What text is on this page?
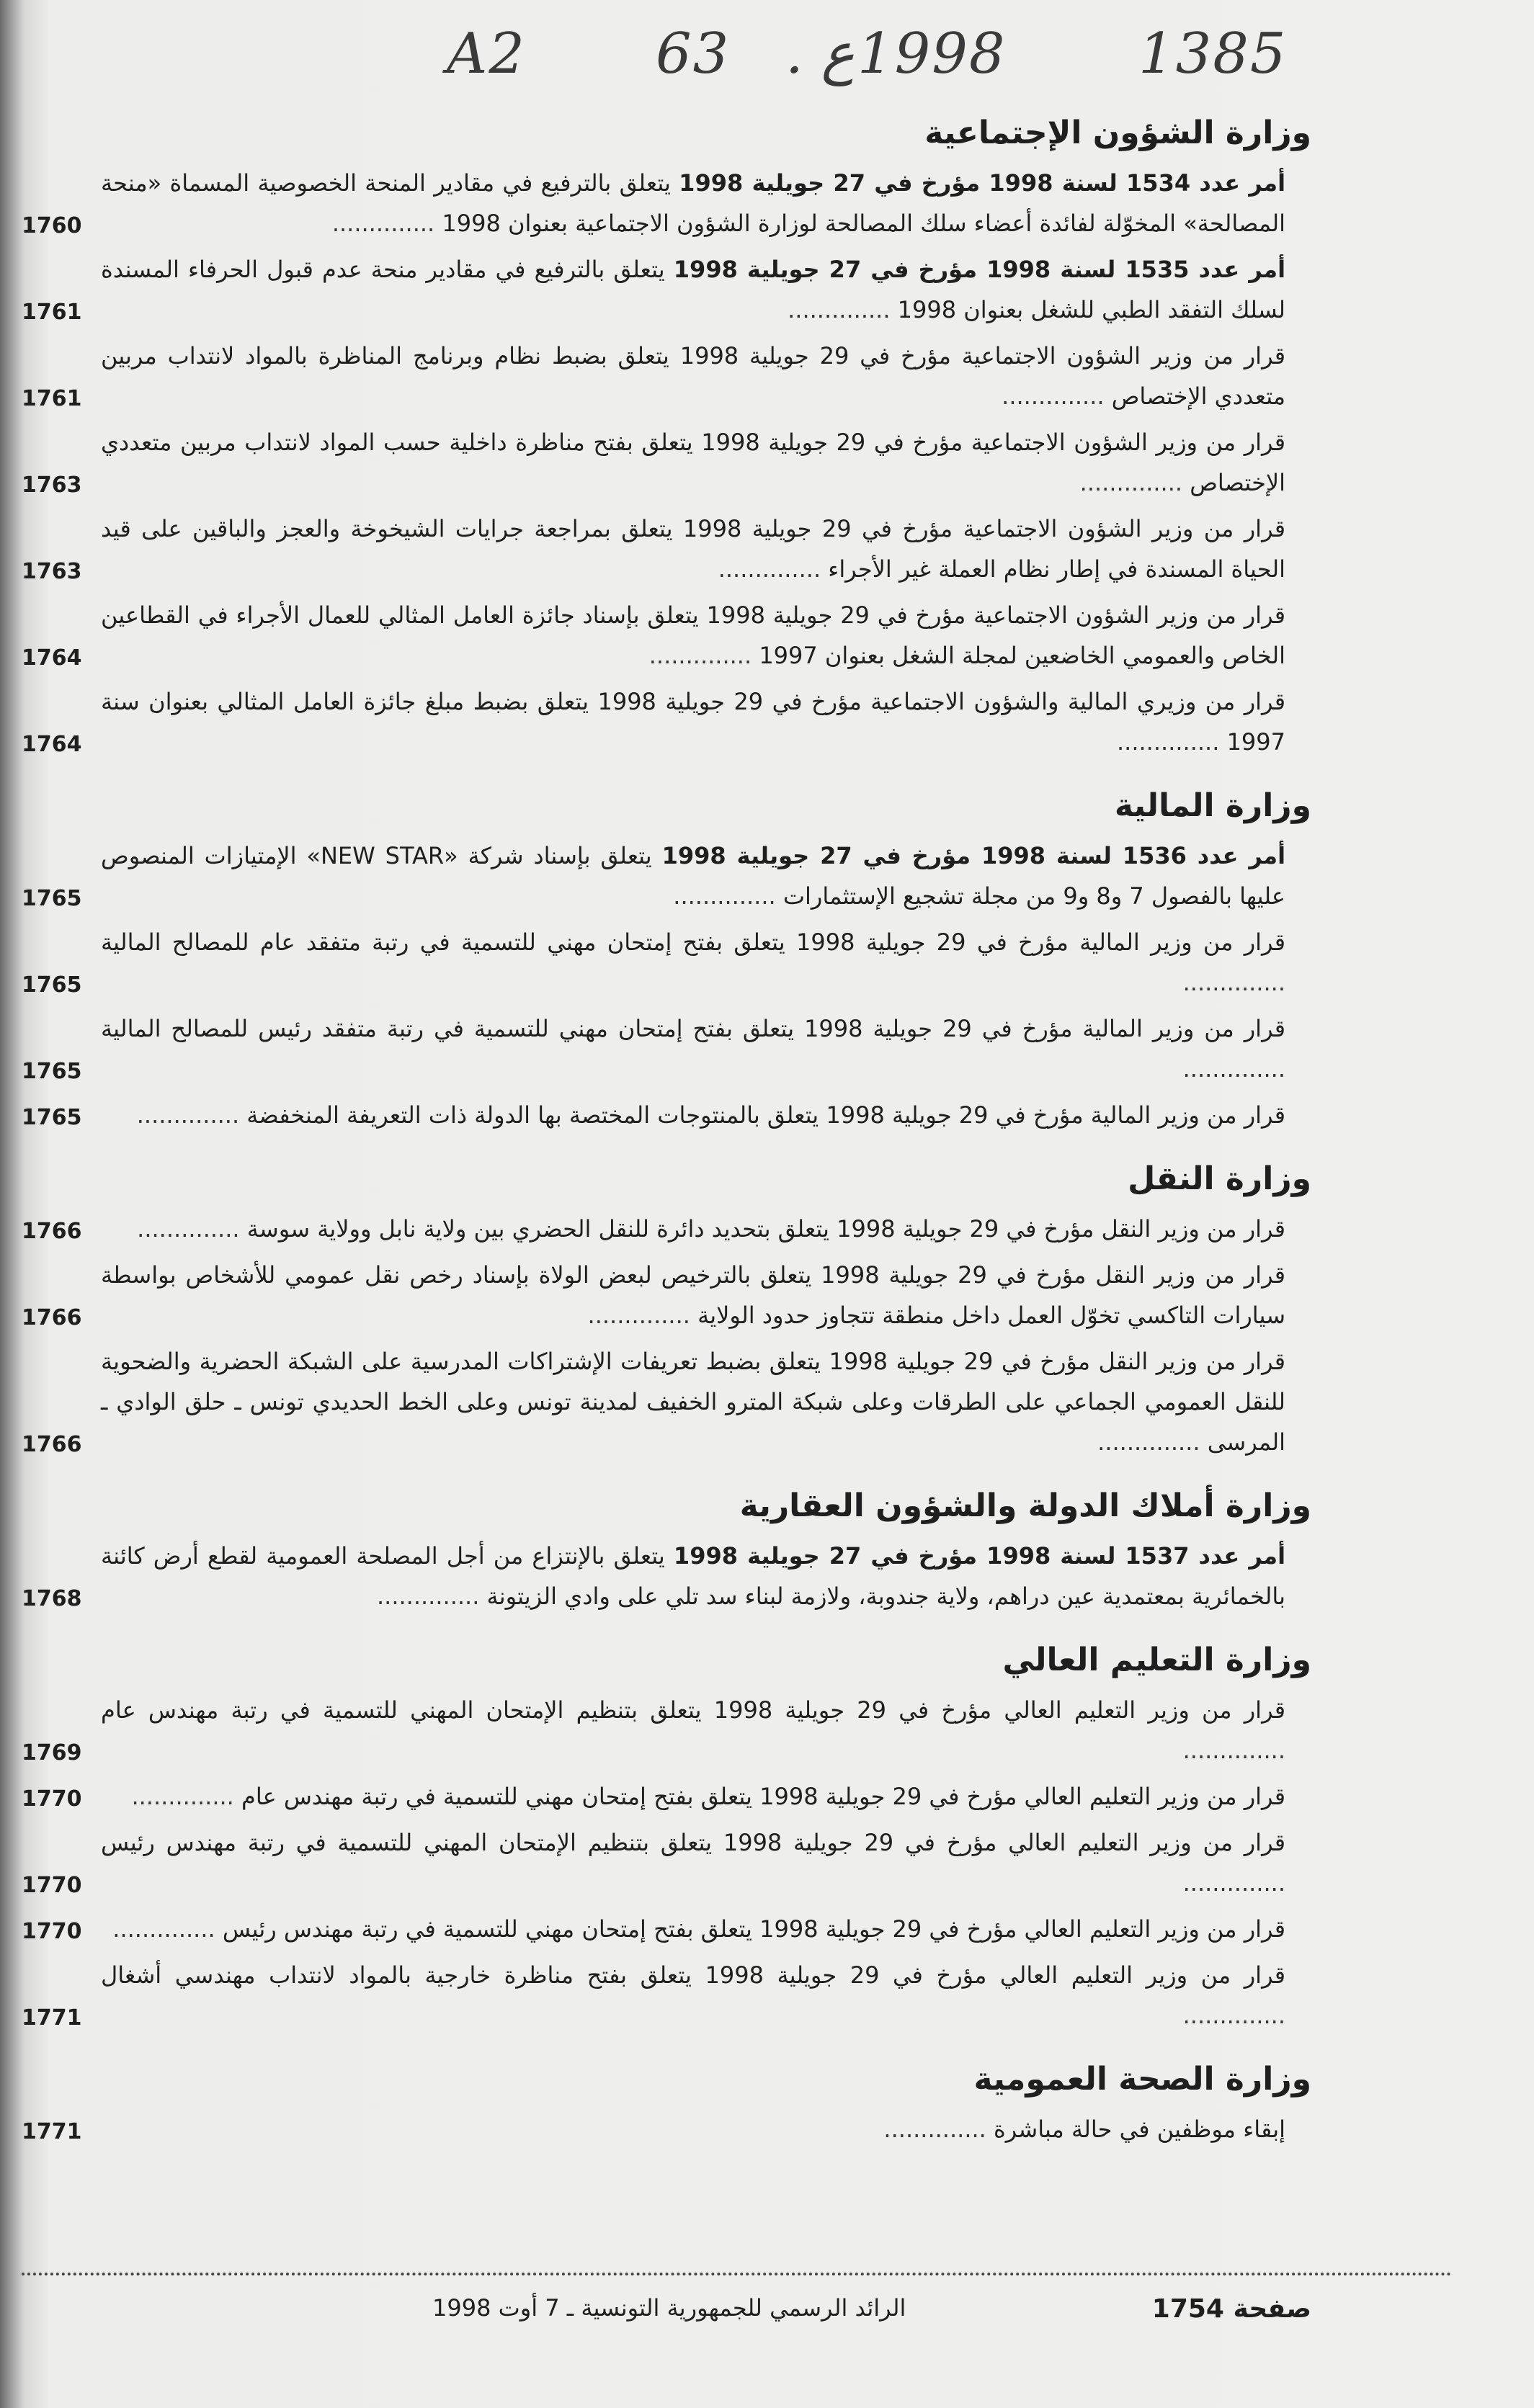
A2 63 . ع 1998 1385
وزارة الشؤون الإجتماعية
أمر عدد 1534 لسنة 1998 مؤرخ في 27 جويلية 1998 يتعلق بالترفيع في مقادير المنحة الخصوصية المسماة «منحة المصالحة» المخوّلة لفائدة أعضاء سلك المصالحة لوزارة الشؤون الاجتماعية بعنوان 1998 ..............
1760
أمر عدد 1535 لسنة 1998 مؤرخ في 27 جويلية 1998 يتعلق بالترفيع في مقادير منحة عدم قبول الحرفاء المسندة لسلك التفقد الطبي للشغل بعنوان 1998 ..............
1761
قرار من وزير الشؤون الاجتماعية مؤرخ في 29 جويلية 1998 يتعلق بضبط نظام وبرنامج المناظرة بالمواد لانتداب مربين متعددي الإختصاص ..............
1761
قرار من وزير الشؤون الاجتماعية مؤرخ في 29 جويلية 1998 يتعلق بفتح مناظرة داخلية حسب المواد لانتداب مربين متعددي الإختصاص ..............
1763
قرار من وزير الشؤون الاجتماعية مؤرخ في 29 جويلية 1998 يتعلق بمراجعة جرايات الشيخوخة والعجز والباقين على قيد الحياة المسندة في إطار نظام العملة غير الأجراء ..............
1763
قرار من وزير الشؤون الاجتماعية مؤرخ في 29 جويلية 1998 يتعلق بإسناد جائزة العامل المثالي للعمال الأجراء في القطاعين الخاص والعمومي الخاضعين لمجلة الشغل بعنوان 1997 ..............
1764
قرار من وزيري المالية والشؤون الاجتماعية مؤرخ في 29 جويلية 1998 يتعلق بضبط مبلغ جائزة العامل المثالي بعنوان سنة 1997 ..............
1764
وزارة المالية
أمر عدد 1536 لسنة 1998 مؤرخ في 27 جويلية 1998 يتعلق بإسناد شركة «NEW STAR» الإمتيازات المنصوص عليها بالفصول 7 و8 و9 من مجلة تشجيع الإستثمارات ..............
1765
قرار من وزير المالية مؤرخ في 29 جويلية 1998 يتعلق بفتح إمتحان مهني للتسمية في رتبة متفقد عام للمصالح المالية ..............
1765
قرار من وزير المالية مؤرخ في 29 جويلية 1998 يتعلق بفتح إمتحان مهني للتسمية في رتبة متفقد رئيس للمصالح المالية ..............
1765
قرار من وزير المالية مؤرخ في 29 جويلية 1998 يتعلق بالمنتوجات المختصة بها الدولة ذات التعريفة المنخفضة ..............
1765
وزارة النقل
قرار من وزير النقل مؤرخ في 29 جويلية 1998 يتعلق بتحديد دائرة للنقل الحضري بين ولاية نابل وولاية سوسة ..............
1766
قرار من وزير النقل مؤرخ في 29 جويلية 1998 يتعلق بالترخيص لبعض الولاة بإسناد رخص نقل عمومي للأشخاص بواسطة سيارات التاكسي تخوّل العمل داخل منطقة تتجاوز حدود الولاية ..............
1766
قرار من وزير النقل مؤرخ في 29 جويلية 1998 يتعلق بضبط تعريفات الإشتراكات المدرسية على الشبكة الحضرية والضحوية للنقل العمومي الجماعي على الطرقات وعلى شبكة المترو الخفيف لمدينة تونس وعلى الخط الحديدي تونس ـ حلق الوادي ـ المرسى ..............
1766
وزارة أملاك الدولة والشؤون العقارية
أمر عدد 1537 لسنة 1998 مؤرخ في 27 جويلية 1998 يتعلق بالإنتزاع من أجل المصلحة العمومية لقطع أرض كائنة بالخمائرية بمعتمدية عين دراهم، ولاية جندوبة، ولازمة لبناء سد تلي على وادي الزيتونة ..............
1768
وزارة التعليم العالي
قرار من وزير التعليم العالي مؤرخ في 29 جويلية 1998 يتعلق بتنظيم الإمتحان المهني للتسمية في رتبة مهندس عام ..............
1769
قرار من وزير التعليم العالي مؤرخ في 29 جويلية 1998 يتعلق بفتح إمتحان مهني للتسمية في رتبة مهندس عام ..............
1770
قرار من وزير التعليم العالي مؤرخ في 29 جويلية 1998 يتعلق بتنظيم الإمتحان المهني للتسمية في رتبة مهندس رئيس ..............
1770
قرار من وزير التعليم العالي مؤرخ في 29 جويلية 1998 يتعلق بفتح إمتحان مهني للتسمية في رتبة مهندس رئيس ..............
1770
قرار من وزير التعليم العالي مؤرخ في 29 جويلية 1998 يتعلق بفتح مناظرة خارجية بالمواد لانتداب مهندسي أشغال ..............
1771
وزارة الصحة العمومية
إبقاء موظفين في حالة مباشرة ..............
1771
صفحة 1754
الرائد الرسمي للجمهورية التونسية ـ 7 أوت 1998
